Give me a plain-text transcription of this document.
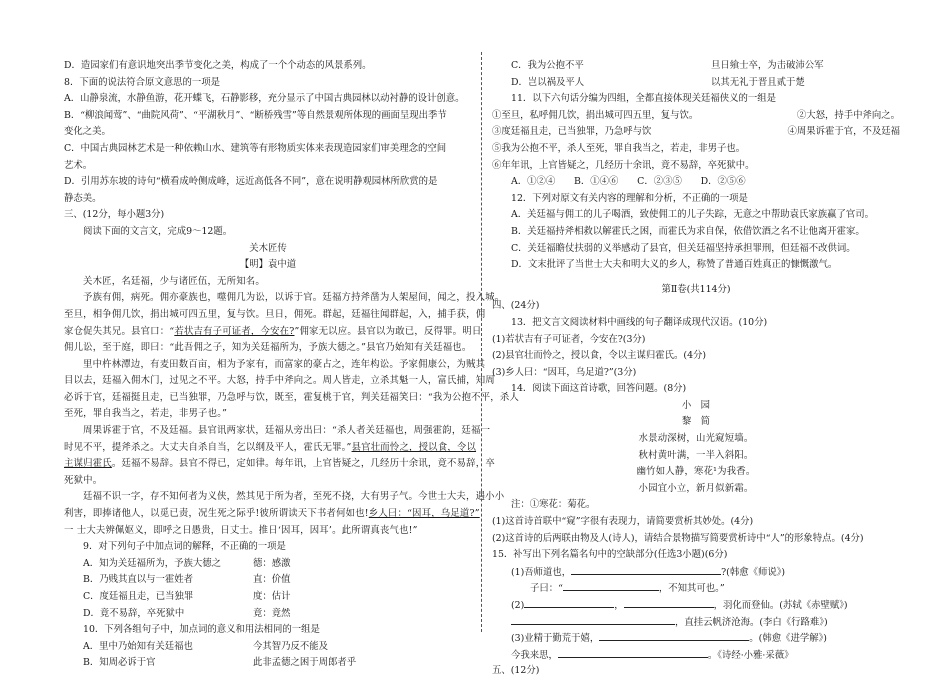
D．造园家们有意识地突出季节变化之美，构成了一个个动态的风景系列。
8．下面的说法符合原文意思的一项是
A．山静泉流，水静鱼游，花开蝶飞，石静影移，充分显示了中国古典园林以动衬静的设计创意。
B．“柳浪闻莺”、“曲院风荷”、“平湖秋月”、“断桥残雪”等自然景观所体现的画面呈现出季节
变化之美。
C．中国古典园林艺术是一种依赖山水、建筑等有形物质实体来表现造园家们审美理念的空间
艺术。
D．引用苏东坡的诗句“横看成岭侧成峰，远近高低各不同”，意在说明静观园林所欣赏的是
静态美。
三、(12分，每小题3分)
阅读下面的文言文，完成9～12题。
关木匠传
【明】袁中道
关木匠，名廷福，少与诸匠伍，无所知名。
予族有佣，病死。佣亦豪族也，噬佣几为讼，以诉于官。廷福方持斧凿为人架屋间，闻之，投入城。
至旦，相争佣几饮，捐出城可四五里，复与饮。旦日，佣死。群起，廷福往闻群起，入，捕手获，佣
家仓促失其兄。县官口：“若状吉有子可证者，今安在?”佣家无以应。县官以为敢已，反得罪。明日
佣儿讼，至于庭，即曰：“此吾佣之子，知为关廷福所为，予族大德之。”县官乃始知有关廷福也。
里中杵林潭边，有麦田数百亩，相为予家有，而富家的豪占之，连年构讼。予家佣康公，为贼其
目以去，廷福入佣木门，过见之不平。大怒，持手中斧向之。周人皆走，立杀其魁一人，富氏捕，知周
必诉于官，廷福挺且走，已当独罪，乃急呼与饮，既至，霍复桃于官，判关廷福笑曰：“我为公抱不平，杀人
至死，罪自我当之，若走，非男子也。”
周果诉霍于官，不及廷福。县官讯两家状，廷福从旁出曰：“杀人者关廷福也，周强霍韵，廷福一
时见不平，提斧杀之。大丈夫自杀自当，乞以纲及平人，霍氏无罪。”县官壮而怜之，授以食，令以
主谋归霍氏。廷福不易辞。县官不得已，定如律。每年讯，上官皆疑之，几经历十余讯，竟不易辞，卒
死狱中。
廷福不识一字，存不知何者为义侠，然其见于所为者，至死不挠，大有男子气。今世士大夫，遇小小
利害，即捧诸他人，以觅已责，况生死之际乎!彼所谓读天下书者何如也!乡人曰：“因耳，乌足道?”
一 士大夫辨佩妪义，即呼之日愚贵，日丈士。推日‘因耳，因耳’。此所谓真丧气也!”
9．对下列句子中加点词的解释，不正确的一项是
A．知为关廷福所为，予族大德之	德：感激
B．乃贱其直以与一霍姓者	直：价值
C．度廷福且走，已当独罪	度：估计
D．竟不易辞，卒死狱中	竟：竟然
10．下列各组句子中，加点词的意义和用法相同的一组是
A．里中乃始知有关廷福也	今其智乃反不能及
B．知周必诉于官	此非孟德之困于周郎者乎
C．我为公抱不平	旦日飨士卒，为击破沛公军
D．岂以祸及平人	以其无礼于晋且贰于楚
11．以下六句话分编为四组，全都直接体现关廷福侠义的一组是
①至旦，私呼佣几饮，捐出城可四五里，复与饮。	②大怒，持手中斧向之。
③度廷福且走，已当独罪，乃急呼与饮	④周果诉霍于官，不及廷福
⑤我为公抱不平，杀人至死，罪自我当之，若走，非男子也。
⑥年年讯，上官皆疑之，几经历十余讯，竟不易辞，卒死狱中。
A．①②④　　B．①④⑥　　C．②③⑤　　D．②⑤⑥
12．下列对原文有关内容的理解和分析，不正确的一项是
A．关廷福与佣工的儿子喝酒，致使佣工的儿子失踪，无意之中帮助袁氏家族赢了官司。
B．关廷福持斧相救以解霍氏之困，而霍氏为求自保，依借饮酒之名不让他离开霍家。
C．关廷福瞻仗扶弱的义举感动了县官，但关廷福坚持承担罪刑，但廷福不改供词。
D．文末批评了当世士大夫和明大义的乡人，称赞了普通百姓真正的慷慨激气。
第Ⅱ卷(共114分)
四、(24分)
13．把文言文阅读材料中画线的句子翻译成现代汉语。(10分)
(1)若状吉有子可证者，今安在?(3分)
(2)县官壮而怜之，授以食，令以主谋归霍氏。(4分)
(3)乡人曰：“因耳，乌足道?”(3分)
14．阅读下面这首诗歌，回答问题。(8分)
小　园
黎　简
水景动深树，山光窥短墙。
秋村黄叶满，一半入斜阳。
幽竹如人静，寒花¹为我香。
小园宜小立，新月似新霜。
注：①寒花：菊花。
(1)这首诗首联中“窥”字很有表现力，请简要赏析其妙处。(4分)
(2)这首诗的后两联由物及人(诗人)，请结合景物描写简要赏析诗中“人”的形象特点。(4分)
15．补写出下列名篇名句中的空缺部分(任选3小题)(6分)
(1)吾师道也，	?(韩愈《师说》)
子曰：“	，不知其可也。”
(2)	，	，羽化而登仙。(苏轼《赤壁赋》)
，直挂云帆济沧海。(李白《行路难》)
(3)业精于勤荒于嬉，	。(韩愈《进学解》)
今我来思，	。《诗经·小雅·采薇》
五、(12分)
